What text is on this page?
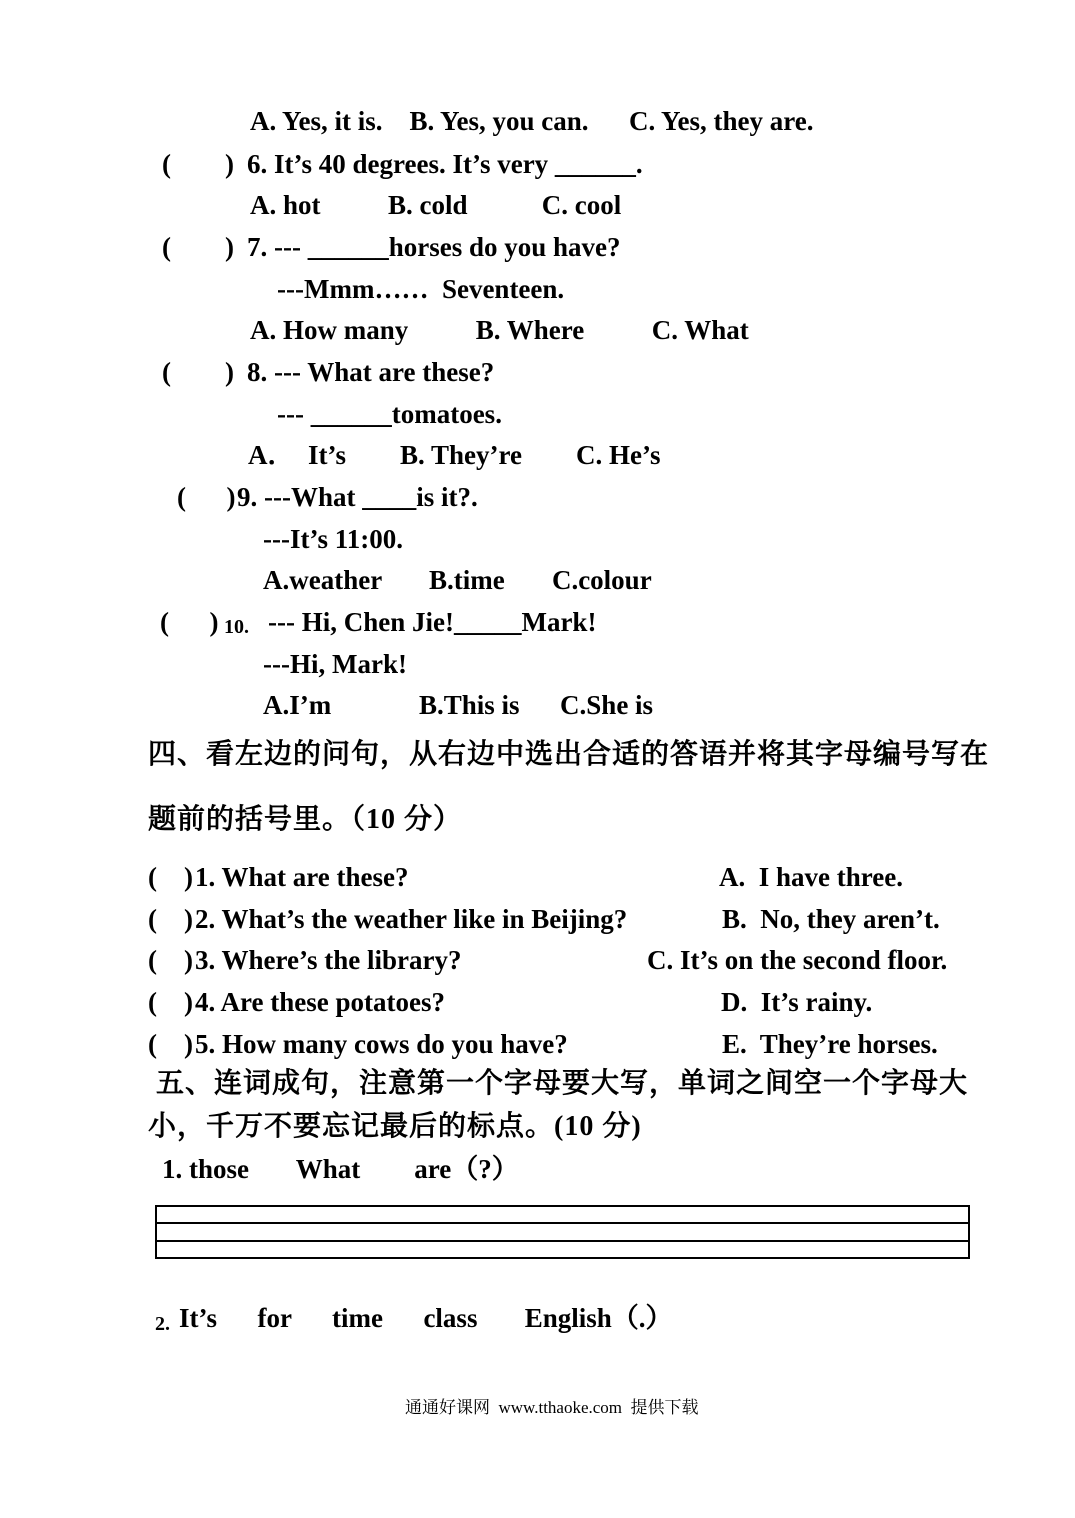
A. Yes, it is.    B. Yes, you can.      C. Yes, they are.
(        ) 6. It’s 40 degrees. It’s very ______.
A. hot          B. cold           C. cool
(        ) 7. --- ______horses do you have?
---Mmm……  Seventeen.
A. How many          B. Where          C. What
(        ) 8. --- What are these?
--- ______tomatoes.
A．  It’s        B. They’re        C. He’s
(      ) 9. ---What ____is it?.
---It’s 11:00.
A.weather       B.time       C.colour
(      ) 10. --- Hi, Chen Jie!_____Mark!
---Hi, Mark!
A.I’m             B.This is      C.She is
四、看左边的问句，从右边中选出合适的答语并将其字母编号写在
题前的括号里。（10 分）
(    ) 1. What are these?	A.  I have three.
(    ) 2. What’s the weather like in Beijing?	B.  No, they aren’t.
(    ) 3. Where’s the library?	C. It’s on the second floor.
(    ) 4. Are these potatoes?	D.  It’s rainy.
(    ) 5. How many cows do you have?	E.  They’re horses.
五、连词成句，注意第一个字母要大写，单词之间空一个字母大
小，千万不要忘记最后的标点。(10 分)
1. those       What        are（?）
2. It’s      for      time      class       English（.）
通通好课网  www.tthaoke.com  提供下载
